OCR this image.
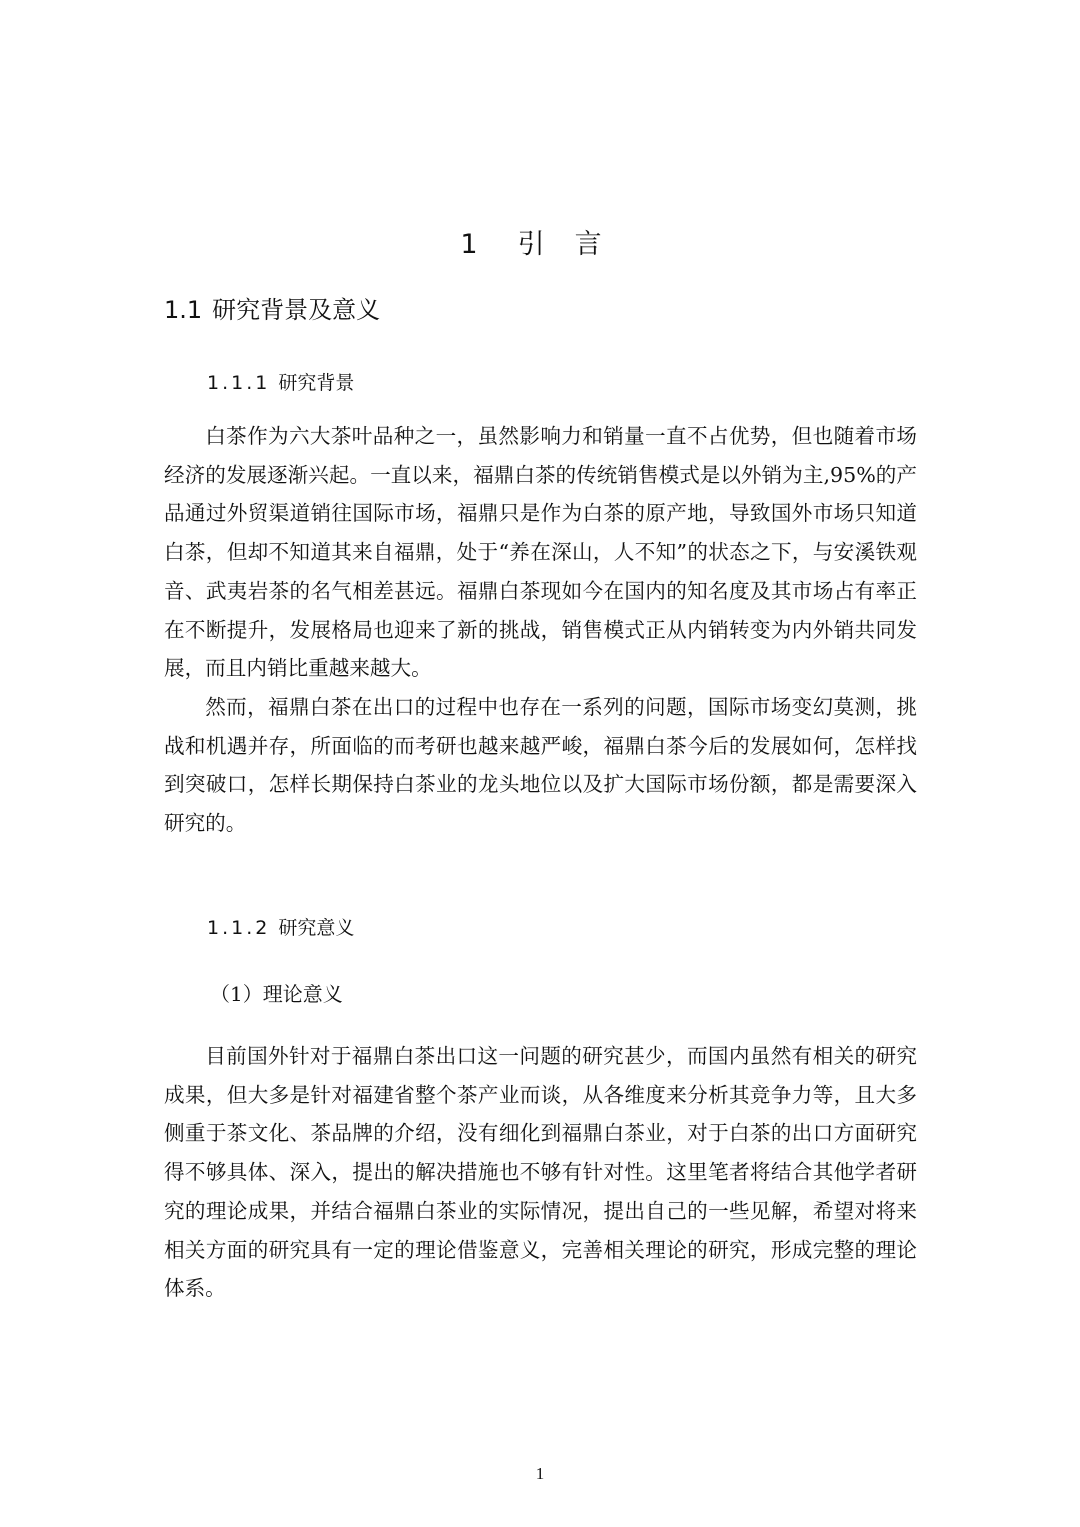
1 引 言
1.1 研究背景及意义
1.1.1 研究背景

白茶作为六大茶叶品种之一，虽然影响力和销量一直不占优势，但也随着市场经济的发展逐渐兴起。一直以来，福鼎白茶的传统销售模式是以外销为主,95%的产品通过外贸渠道销往国际市场，福鼎只是作为白茶的原产地，导致国外市场只知道白茶，但却不知道其来自福鼎，处于“养在深山，人不知”的状态之下，与安溪铁观音、武夷岩茶的名气相差甚远。福鼎白茶现如今在国内的知名度及其市场占有率正在不断提升，发展格局也迎来了新的挑战，销售模式正从内销转变为内外销共同发展，而且内销比重越来越大。

然而，福鼎白茶在出口的过程中也存在一系列的问题，国际市场变幻莫测，挑战和机遇并存，所面临的而考研也越来越严峻，福鼎白茶今后的发展如何，怎样找到突破口，怎样长期保持白茶业的龙头地位以及扩大国际市场份额，都是需要深入研究的。

1.1.2 研究意义
（1）理论意义

目前国外针对于福鼎白茶出口这一问题的研究甚少，而国内虽然有相关的研究成果，但大多是针对福建省整个茶产业而谈，从各维度来分析其竞争力等，且大多侧重于茶文化、茶品牌的介绍，没有细化到福鼎白茶业，对于白茶的出口方面研究得不够具体、深入，提出的解决措施也不够有针对性。这里笔者将结合其他学者研究的理论成果，并结合福鼎白茶业的实际情况，提出自己的一些见解，希望对将来相关方面的研究具有一定的理论借鉴意义，完善相关理论的研究，形成完整的理论体系。

1
